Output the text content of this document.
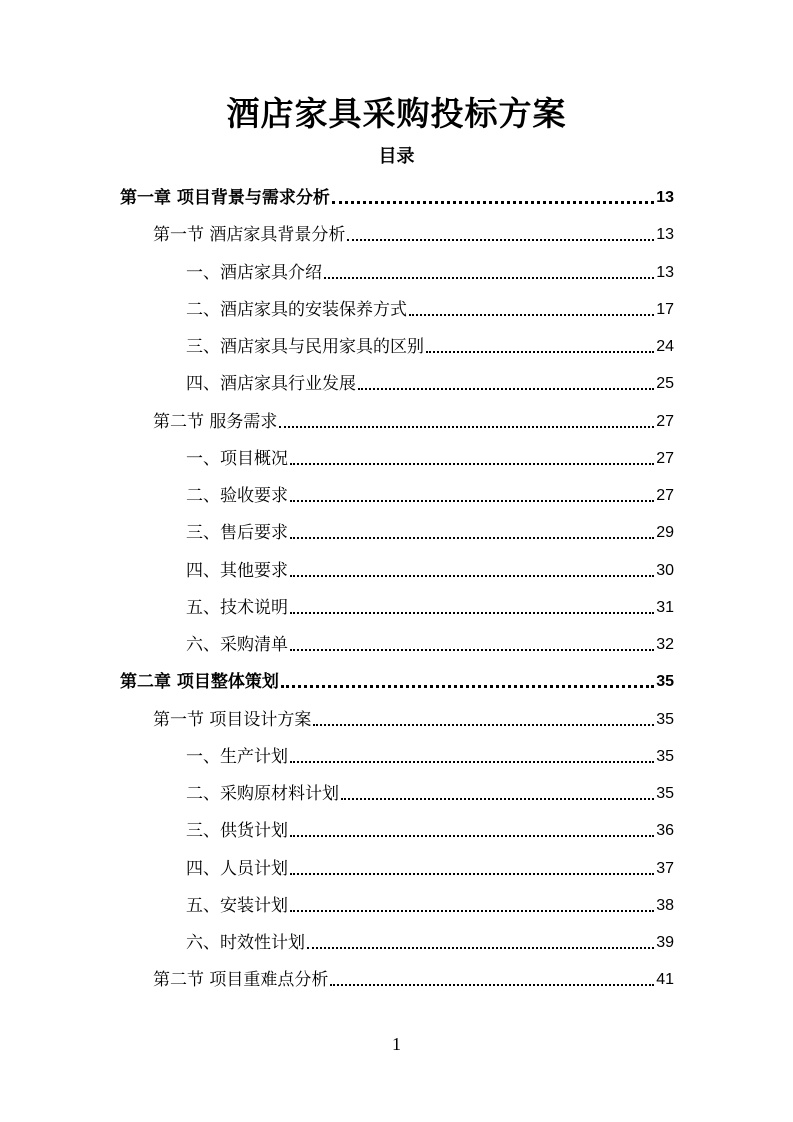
酒店家具采购投标方案
目录
第一章 项目背景与需求分析	13
第一节 酒店家具背景分析	13
一、酒店家具介绍	13
二、酒店家具的安装保养方式	17
三、酒店家具与民用家具的区别	24
四、酒店家具行业发展	25
第二节 服务需求	27
一、项目概况	27
二、验收要求	27
三、售后要求	29
四、其他要求	30
五、技术说明	31
六、采购清单	32
第二章 项目整体策划	35
第一节 项目设计方案	35
一、生产计划	35
二、采购原材料计划	35
三、供货计划	36
四、人员计划	37
五、安装计划	38
六、时效性计划	39
第二节 项目重难点分析	41
1
